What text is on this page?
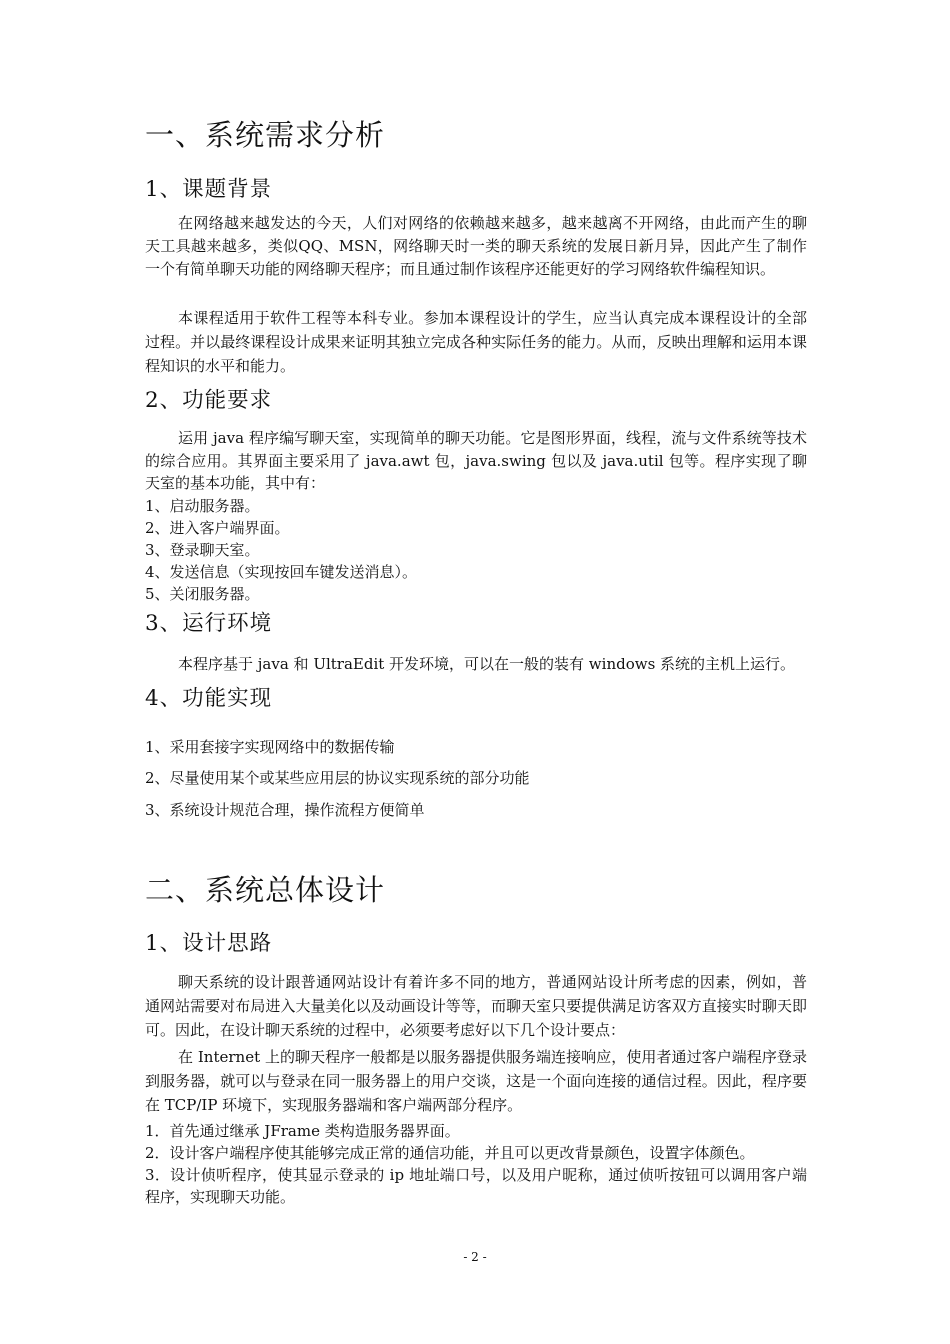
一、系统需求分析
1、课题背景
在网络越来越发达的今天，人们对网络的依赖越来越多，越来越离不开网络，由此而产生的聊天工具越来越多，类似QQ、MSN，网络聊天时一类的聊天系统的发展日新月异，因此产生了制作一个有简单聊天功能的网络聊天程序；而且通过制作该程序还能更好的学习网络软件编程知识。
本课程适用于软件工程等本科专业。参加本课程设计的学生，应当认真完成本课程设计的全部过程。并以最终课程设计成果来证明其独立完成各种实际任务的能力。从而，反映出理解和运用本课程知识的水平和能力。
2、功能要求
运用 java 程序编写聊天室，实现简单的聊天功能。它是图形界面，线程，流与文件系统等技术的综合应用。其界面主要采用了 java.awt 包，java.swing 包以及 java.util 包等。程序实现了聊天室的基本功能，其中有：
1、启动服务器。
2、进入客户端界面。
3、登录聊天室。
4、发送信息（实现按回车键发送消息）。
5、关闭服务器。
3、运行环境
本程序基于 java 和 UltraEdit 开发环境，可以在一般的装有 windows 系统的主机上运行。
4、功能实现
1、采用套接字实现网络中的数据传输
2、尽量使用某个或某些应用层的协议实现系统的部分功能
3、系统设计规范合理，操作流程方便简单
二、系统总体设计
1、设计思路
聊天系统的设计跟普通网站设计有着许多不同的地方，普通网站设计所考虑的因素，例如，普通网站需要对布局进入大量美化以及动画设计等等，而聊天室只要提供满足访客双方直接实时聊天即可。因此，在设计聊天系统的过程中，必须要考虑好以下几个设计要点：
在 Internet 上的聊天程序一般都是以服务器提供服务端连接响应，使用者通过客户端程序登录到服务器，就可以与登录在同一服务器上的用户交谈，这是一个面向连接的通信过程。因此，程序要在 TCP/IP 环境下，实现服务器端和客户端两部分程序。
1．首先通过继承 JFrame 类构造服务器界面。
2．设计客户端程序使其能够完成正常的通信功能，并且可以更改背景颜色，设置字体颜色。
3．设计侦听程序，使其显示登录的 ip 地址端口号，以及用户昵称，通过侦听按钮可以调用客户端程序，实现聊天功能。
- 2 -
